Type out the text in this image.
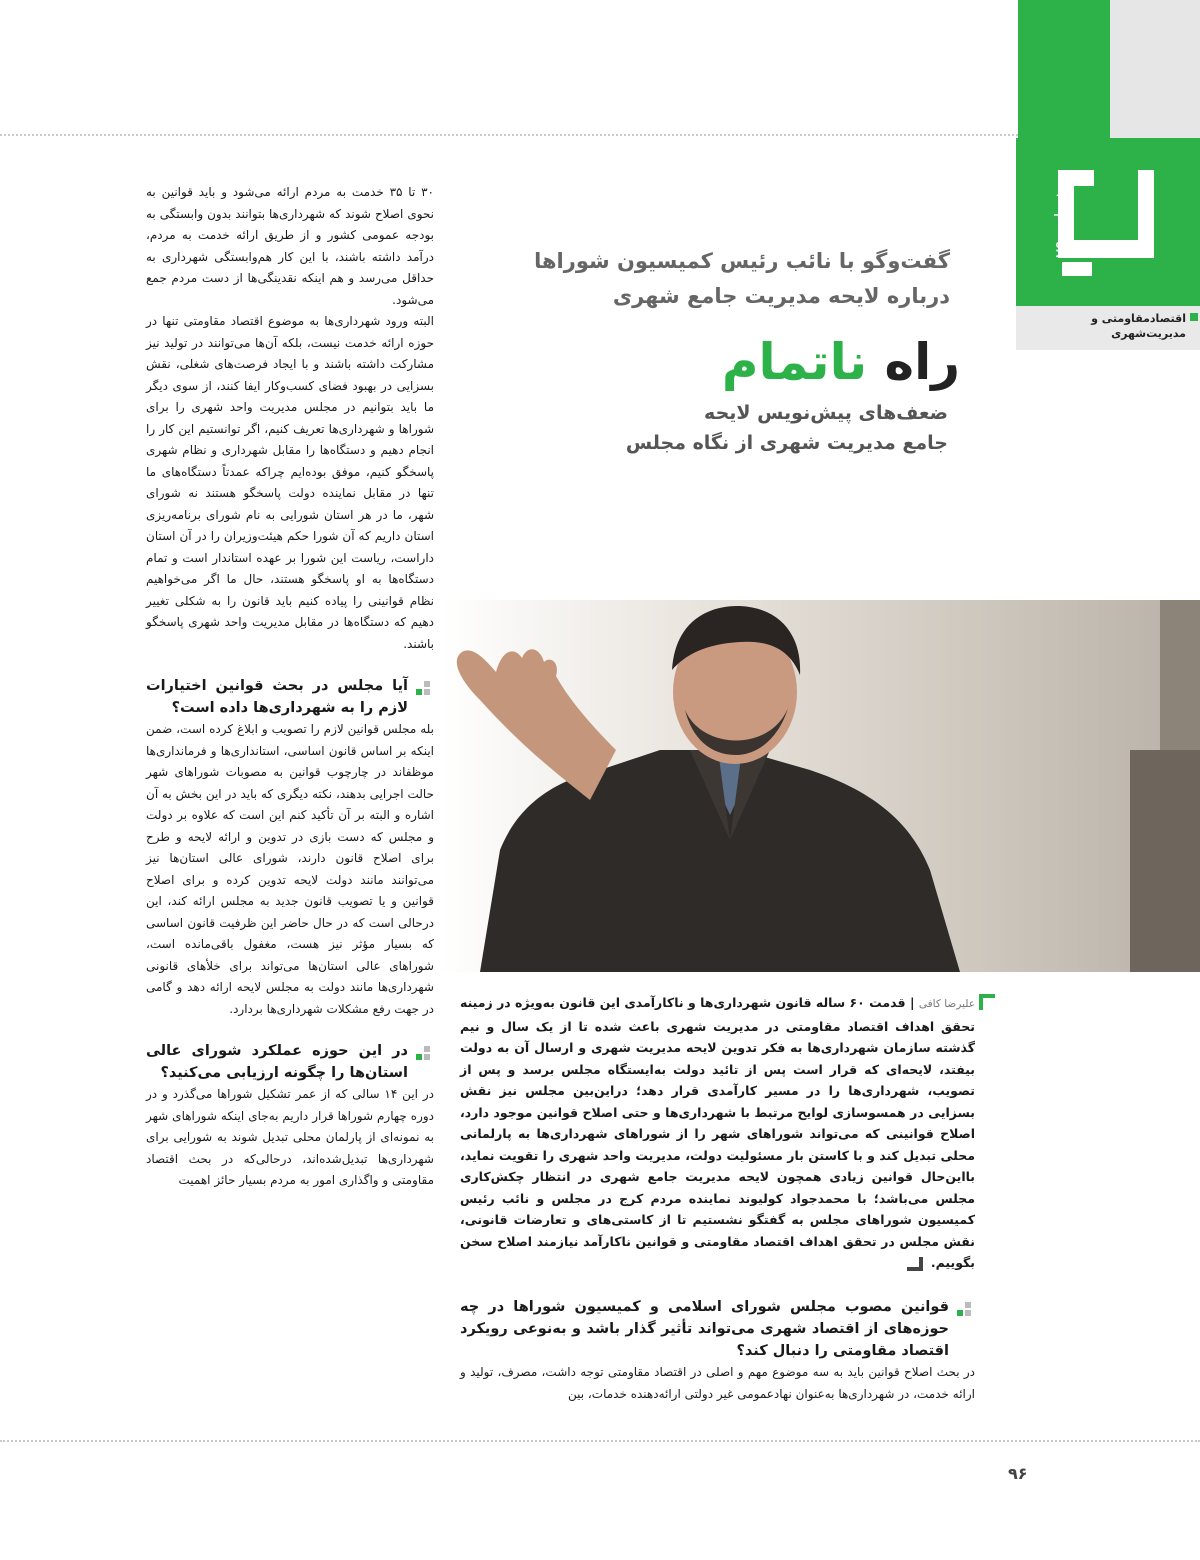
شماره ۲۹
اقتصادمقاومتی و مدیریت‌شهری
گفت‌وگو با نائب رئیس کمیسیون شوراها
درباره لایحه مدیریت جامع شهری
راه ناتمام
ضعف‌های پیش‌نویس لایحه
جامع مدیریت شهری از نگاه مجلس

علیرضا کافی | قدمت ۶۰ ساله قانون شهرداری‌ها و ناکارآمدی این قانون به‌ویژه در زمینه تحقق اهداف اقتصاد مقاومتی در مدیریت شهری باعث شده تا از یک سال و نیم گذشته سازمان شهرداری‌ها به فکر تدوین لایحه مدیریت شهری و ارسال آن به دولت بیفتد، لایحه‌ای که قرار است پس از تائید دولت به‌ایستگاه مجلس برسد و پس از تصویب، شهرداری‌ها را در مسیر کارآمدی قرار دهد؛ دراین‌بین مجلس نیز نقش بسزایی در همسوسازی لوایح مرتبط با شهرداری‌ها و حتی اصلاح قوانین موجود دارد، اصلاح قوانینی که می‌تواند شوراهای شهر را از شوراهای شهرداری‌ها به پارلمانی محلی تبدیل کند و با کاستن بار مسئولیت دولت، مدیریت واحد شهری را تقویت نماید، بااین‌حال قوانین زیادی همچون لایحه مدیریت جامع شهری در انتظار چکش‌کاری مجلس می‌باشد؛ با محمدجواد کولیوند نماینده مردم کرج در مجلس و نائب رئیس کمیسیون شوراهای مجلس به گفتگو نشستیم تا از کاستی‌های و تعارضات قانونی، نقش مجلس در تحقق اهداف اقتصاد مقاومتی و قوانین ناکارآمد نیازمند اصلاح سخن بگوییم.

۳۰ تا ۳۵ خدمت به مردم ارائه می‌شود و باید قوانین به نحوی اصلاح شوند که شهرداری‌ها بتوانند بدون وابستگی به بودجه عمومی کشور و از طریق ارائه خدمت به مردم، درآمد داشته باشند، با این کار هم‌وابستگی شهرداری به حداقل می‌رسد و هم اینکه نقدینگی‌ها از دست مردم جمع می‌شود.

البته ورود شهرداری‌ها به موضوع اقتصاد مقاومتی تنها در حوزه ارائه خدمت نیست، بلکه آن‌ها می‌توانند در تولید نیز مشارکت داشته باشند و با ایجاد فرصت‌های شغلی، نقش بسزایی در بهبود فضای کسب‌وکار ایفا کنند، از سوی دیگر ما باید بتوانیم در مجلس مدیریت واحد شهری را برای شوراها و شهرداری‌ها تعریف کنیم، اگر توانستیم این کار را انجام دهیم و دستگاه‌ها را مقابل شهرداری و نظام شهری پاسخگو کنیم، موفق بوده‌ایم چراکه عمدتاً دستگاه‌های ما تنها در مقابل نماینده دولت پاسخگو هستند نه شورای شهر، ما در هر استان شورایی به نام شورای برنامه‌ریزی استان داریم که آن شورا حکم هیئت‌وزیران را در آن استان داراست، ریاست این شورا بر عهده استاندار است و تمام دستگاه‌ها به او پاسخگو هستند، حال ما اگر می‌خواهیم نظام قوانینی را پیاده کنیم باید قانون را به شکلی تغییر دهیم که دستگاه‌ها در مقابل مدیریت واحد شهری پاسخگو باشند.

آیا مجلس در بحث قوانین اختیارات لازم را به شهرداری‌ها داده است؟

بله مجلس قوانین لازم را تصویب و ابلاغ کرده است، ضمن اینکه بر اساس قانون اساسی، استانداری‌ها و فرمانداری‌ها موظفاند در چارچوب قوانین به مصوبات شوراهای شهر حالت اجرایی بدهند، نکته دیگری که باید در این بخش به آن اشاره و البته بر آن تأکید کنم این است که علاوه بر دولت و مجلس که دست بازی در تدوین و ارائه لایحه و طرح برای اصلاح قانون دارند، شورای عالی استان‌ها نیز می‌توانند مانند دولت لایحه تدوین کرده و برای اصلاح قوانین و یا تصویب قانون جدید به مجلس ارائه کند، این درحالی است که در حال حاضر این ظرفیت قانون اساسی که بسیار مؤثر نیز هست، مغفول باقی‌مانده است، شوراهای عالی استان‌ها می‌تواند برای خلأهای قانونی شهرداری‌ها مانند دولت به مجلس لایحه ارائه دهد و گامی در جهت رفع مشکلات شهرداری‌ها بردارد.

در این حوزه عملکرد شورای عالی استان‌ها را چگونه ارزیابی می‌کنید؟

در این ۱۴ سالی که از عمر تشکیل شوراها می‌گذرد و در دوره چهارم شوراها قرار داریم به‌جای اینکه شوراهای شهر به نمونه‌ای از پارلمان محلی تبدیل شوند به شورایی برای شهرداری‌ها تبدیل‌شده‌اند، درحالی‌که در بحث اقتصاد مقاومتی و واگذاری امور به مردم بسیار حائز اهمیت

قوانین مصوب مجلس شورای اسلامی و کمیسیون شوراها در چه حوزه‌های از اقتصاد شهری می‌تواند تأثیر گذار باشد و به‌نوعی رویکرد اقتصاد مقاومتی را دنبال کند؟

در بحث اصلاح قوانین باید به سه موضوع مهم و اصلی در اقتصاد مقاومتی توجه داشت، مصرف، تولید و ارائه خدمت، در شهرداری‌ها به‌عنوان نهادعمومی غیر دولتی ارائه‌دهنده خدمات، بین

۹۶
